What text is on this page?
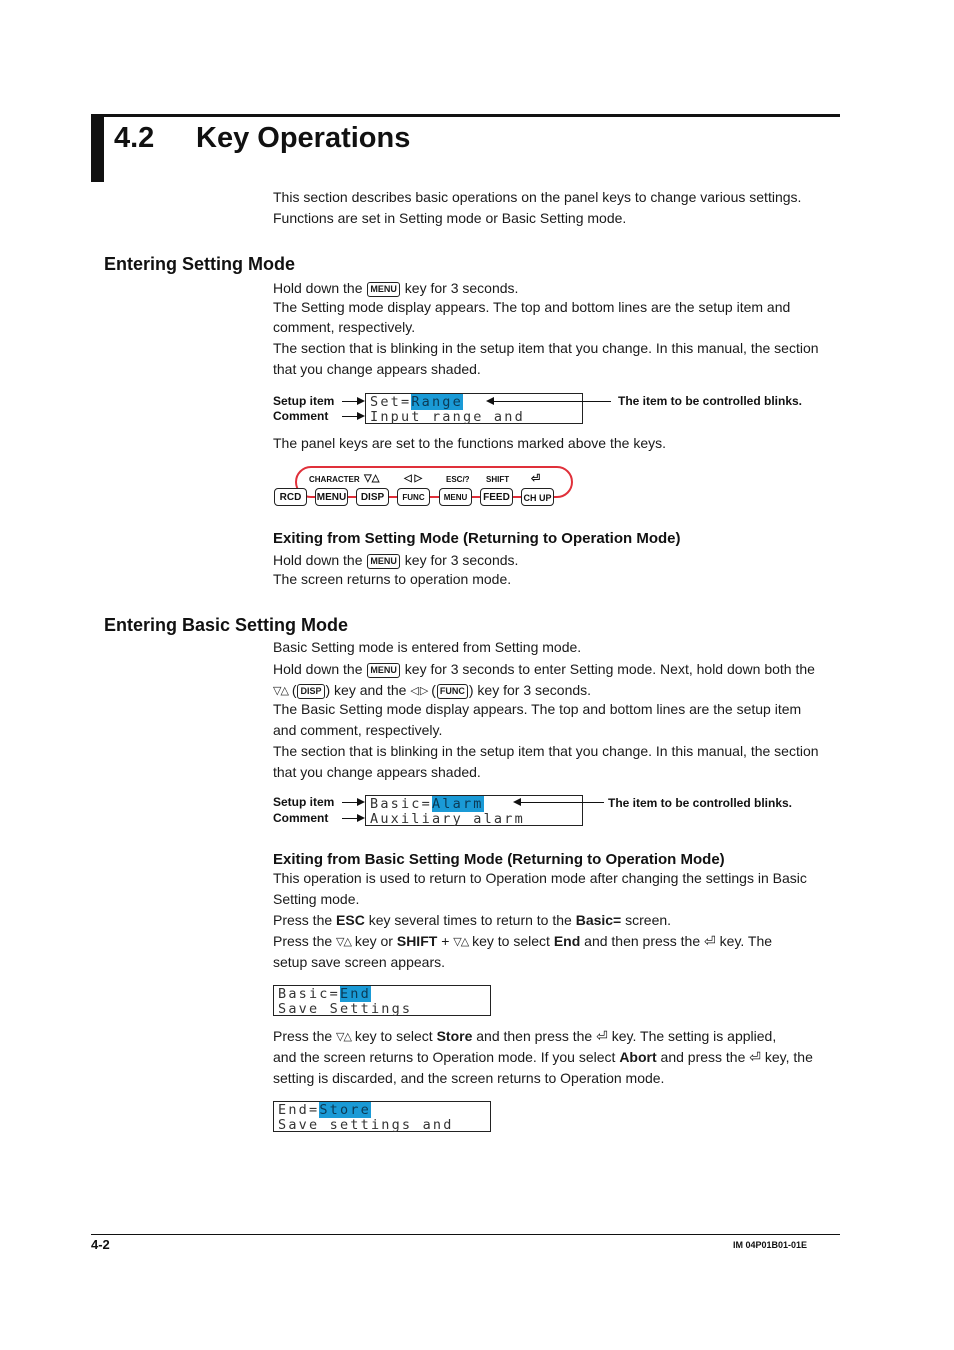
4.2 Key Operations
This section describes basic operations on the panel keys to change various settings.
Functions are set in Setting mode or Basic Setting mode.
Entering Setting Mode
Hold down the MENU key for 3 seconds.
The Setting mode display appears. The top and bottom lines are the setup item and
comment, respectively.
The section that is blinking in the setup item that you change. In this manual, the section
that you change appears shaded.
Setup item
Comment
Set=Range
Input range and
The item to be controlled blinks.
The panel keys are set to the functions marked above the keys.
CHARACTER ▽△ ◁ ▷	ESC/? SHIFT ⏎
RCD	MENU	DISP	FUNC	MENU	FEED	CH UP
Exiting from Setting Mode (Returning to Operation Mode)
Hold down the MENU key for 3 seconds.
The screen returns to operation mode.
Entering Basic Setting Mode
Basic Setting mode is entered from Setting mode.
Hold down the MENU key for 3 seconds to enter Setting mode. Next, hold down both the
▽△ ( DISP ) key and the ◁ ▷ ( FUNC ) key for 3 seconds.
The Basic Setting mode display appears. The top and bottom lines are the setup item
and comment, respectively.
The section that is blinking in the setup item that you change. In this manual, the section
that you change appears shaded.
Setup item
Comment
Basic=Alarm
Auxiliary alarm
The item to be controlled blinks.
Exiting from Basic Setting Mode (Returning to Operation Mode)
This operation is used to return to Operation mode after changing the settings in Basic
Setting mode.
Press the ESC key several times to return to the Basic= screen.
Press the ▽△ key or SHIFT + ▽△ key to select End and then press the ⏎ key. The
setup save screen appears.
Basic=End
Save Settings
Press the ▽△ key to select Store and then press the ⏎ key. The setting is applied,
and the screen returns to Operation mode. If you select Abort and press the ⏎ key, the
setting is discarded, and the screen returns to Operation mode.
End=Store
Save settings and
4-2	IM 04P01B01-01E
